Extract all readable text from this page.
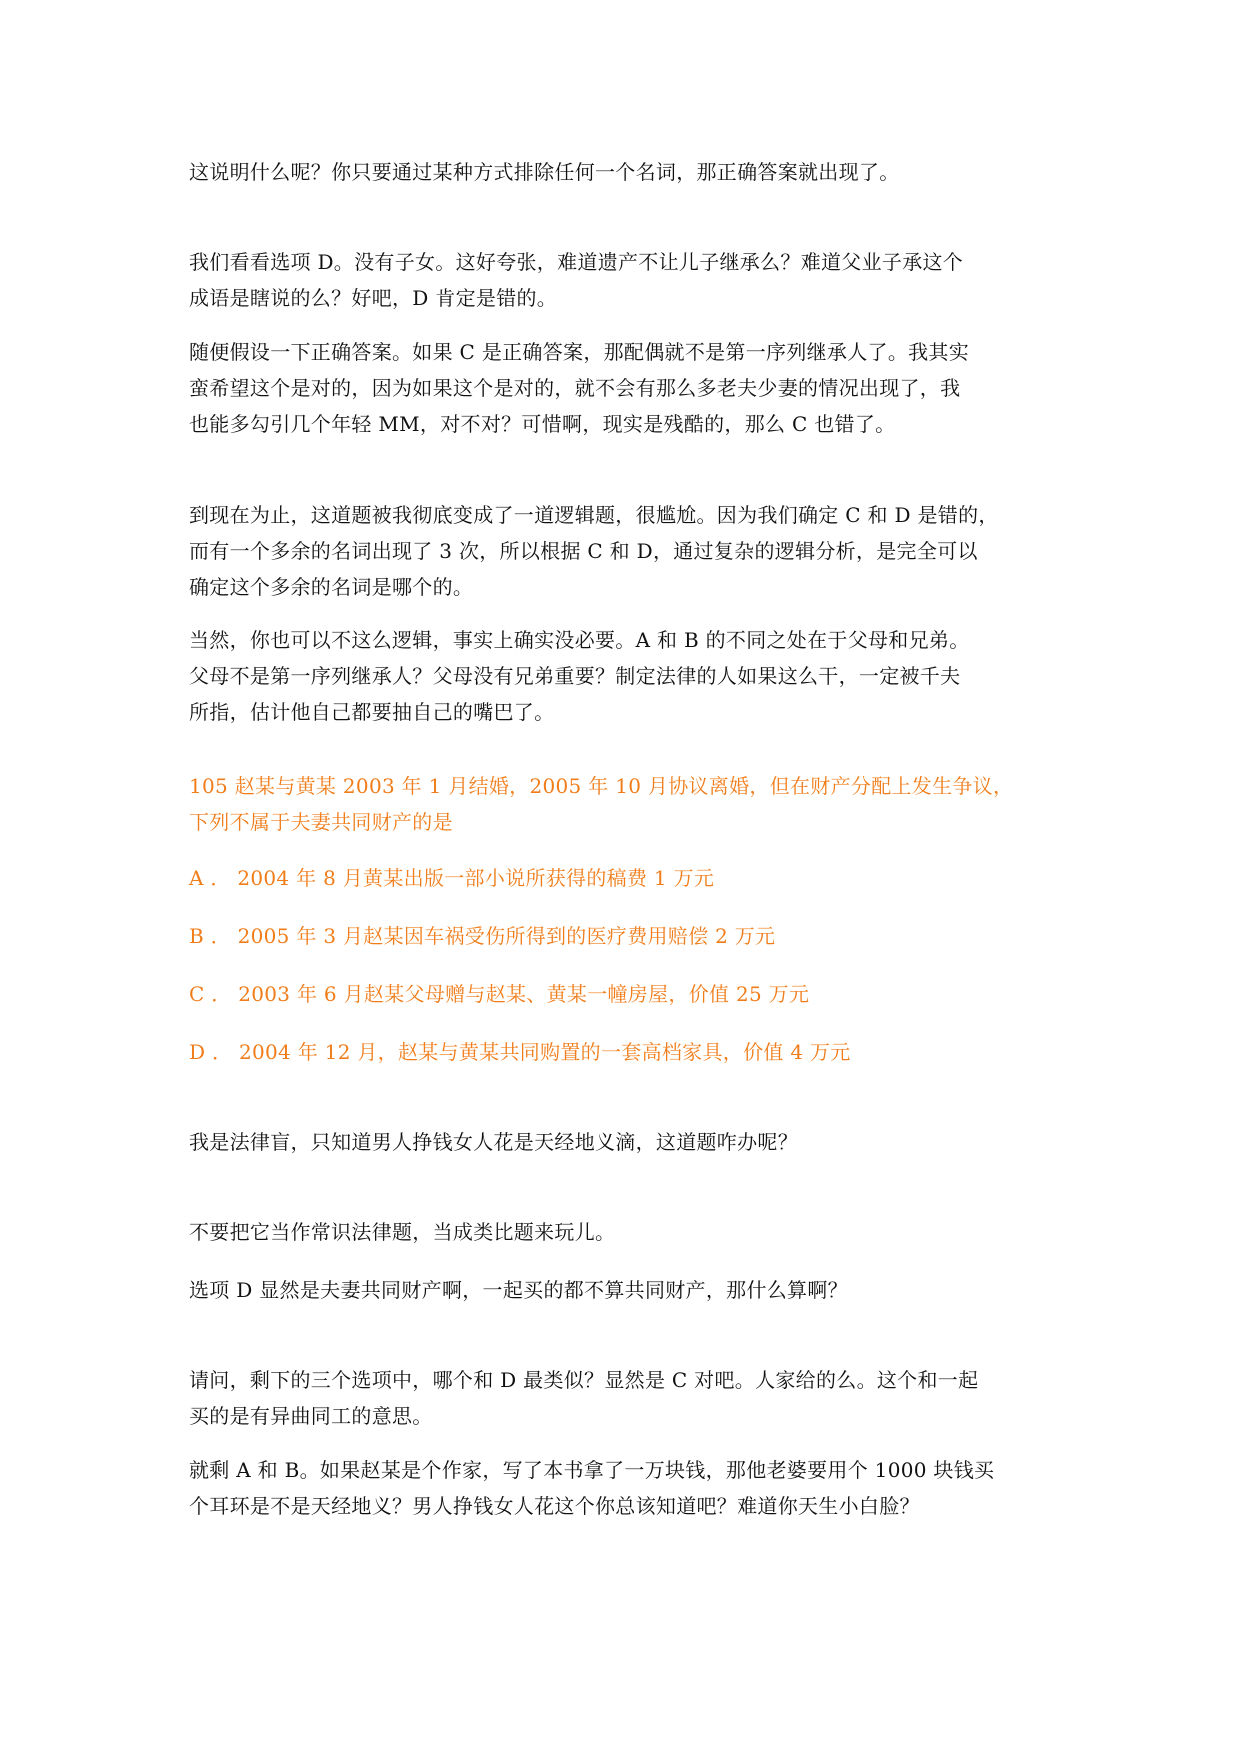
这说明什么呢？你只要通过某种方式排除任何一个名词，那正确答案就出现了。

我们看看选项 D。没有子女。这好夸张，难道遗产不让儿子继承么？难道父业子承这个
成语是瞎说的么？好吧，D 肯定是错的。

随便假设一下正确答案。如果 C 是正确答案，那配偶就不是第一序列继承人了。我其实
蛮希望这个是对的，因为如果这个是对的，就不会有那么多老夫少妻的情况出现了，我
也能多勾引几个年轻 MM，对不对？可惜啊，现实是残酷的，那么 C 也错了。

到现在为止，这道题被我彻底变成了一道逻辑题，很尴尬。因为我们确定 C 和 D 是错的，
而有一个多余的名词出现了 3 次，所以根据 C 和 D，通过复杂的逻辑分析，是完全可以
确定这个多余的名词是哪个的。

当然，你也可以不这么逻辑，事实上确实没必要。A 和 B 的不同之处在于父母和兄弟。
父母不是第一序列继承人？父母没有兄弟重要？制定法律的人如果这么干，一定被千夫
所指，估计他自己都要抽自己的嘴巴了。

105 赵某与黄某 2003 年 1 月结婚，2005 年 10 月协议离婚，但在财产分配上发生争议，
下列不属于夫妻共同财产的是

A ． 2004 年 8 月黄某出版一部小说所获得的稿费 1 万元

B ． 2005 年 3 月赵某因车祸受伤所得到的医疗费用赔偿 2 万元

C ． 2003 年 6 月赵某父母赠与赵某、黄某一幢房屋，价值 25 万元

D ． 2004 年 12 月，赵某与黄某共同购置的一套高档家具，价值 4 万元

我是法律盲，只知道男人挣钱女人花是天经地义滴，这道题咋办呢？

不要把它当作常识法律题，当成类比题来玩儿。

选项 D 显然是夫妻共同财产啊，一起买的都不算共同财产，那什么算啊？

请问，剩下的三个选项中，哪个和 D 最类似？显然是 C 对吧。人家给的么。这个和一起
买的是有异曲同工的意思。

就剩 A 和 B。如果赵某是个作家，写了本书拿了一万块钱，那他老婆要用个 1000 块钱买
个耳环是不是天经地义？男人挣钱女人花这个你总该知道吧？难道你天生小白脸？
